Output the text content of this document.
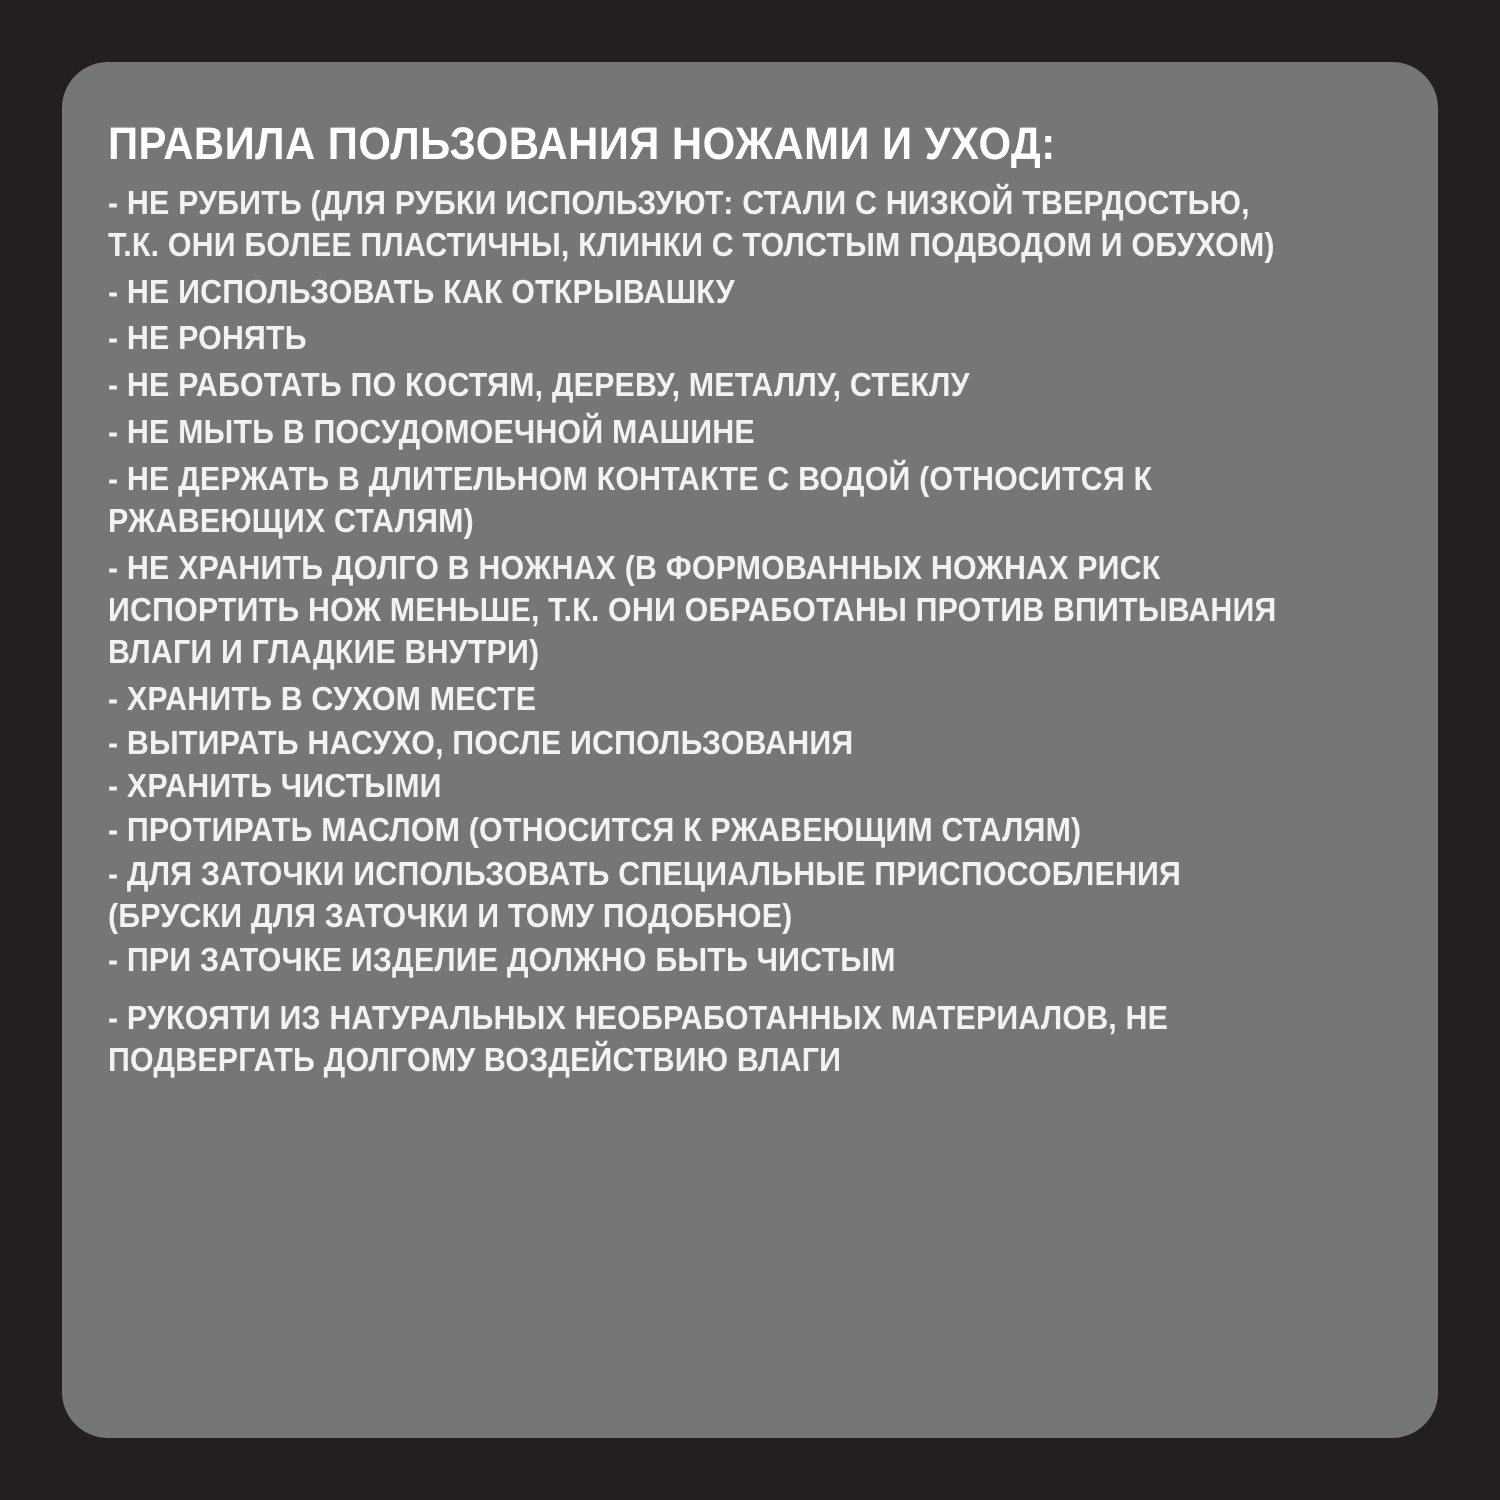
ПРАВИЛА ПОЛЬЗОВАНИЯ НОЖАМИ И УХОД:
- НЕ РУБИТЬ (ДЛЯ РУБКИ ИСПОЛЬЗУЮТ: СТАЛИ С НИЗКОЙ ТВЕРДОСТЬЮ, Т.К. ОНИ БОЛЕЕ ПЛАСТИЧНЫ, КЛИНКИ С ТОЛСТЫМ ПОДВОДОМ И ОБУХОМ)
- НЕ ИСПОЛЬЗОВАТЬ КАК ОТКРЫВАШКУ
- НЕ РОНЯТЬ
- НЕ РАБОТАТЬ ПО КОСТЯМ, ДЕРЕВУ, МЕТАЛЛУ, СТЕКЛУ
- НЕ МЫТЬ В ПОСУДОМОЕЧНОЙ МАШИНЕ
- НЕ ДЕРЖАТЬ В ДЛИТЕЛЬНОМ КОНТАКТЕ С ВОДОЙ (ОТНОСИТСЯ К РЖАВЕЮЩИХ СТАЛЯМ)
- НЕ ХРАНИТЬ ДОЛГО В НОЖНАХ (В ФОРМОВАННЫХ НОЖНАХ РИСК ИСПОРТИТЬ НОЖ МЕНЬШЕ, Т.К. ОНИ ОБРАБОТАНЫ ПРОТИВ ВПИТЫВАНИЯ ВЛАГИ И ГЛАДКИЕ ВНУТРИ)
- ХРАНИТЬ В СУХОМ МЕСТЕ
- ВЫТИРАТЬ НАСУХО, ПОСЛЕ ИСПОЛЬЗОВАНИЯ
- ХРАНИТЬ ЧИСТЫМИ
- ПРОТИРАТЬ МАСЛОМ (ОТНОСИТСЯ К РЖАВЕЮЩИМ СТАЛЯМ)
- ДЛЯ ЗАТОЧКИ ИСПОЛЬЗОВАТЬ СПЕЦИАЛЬНЫЕ ПРИСПОСОБЛЕНИЯ (БРУСКИ ДЛЯ ЗАТОЧКИ И ТОМУ ПОДОБНОЕ)
- ПРИ ЗАТОЧКЕ ИЗДЕЛИЕ ДОЛЖНО БЫТЬ ЧИСТЫМ
- РУКОЯТИ ИЗ НАТУРАЛЬНЫХ НЕОБРАБОТАННЫХ МАТЕРИАЛОВ, НЕ ПОДВЕРГАТЬ ДОЛГОМУ ВОЗДЕЙСТВИЮ ВЛАГИ
